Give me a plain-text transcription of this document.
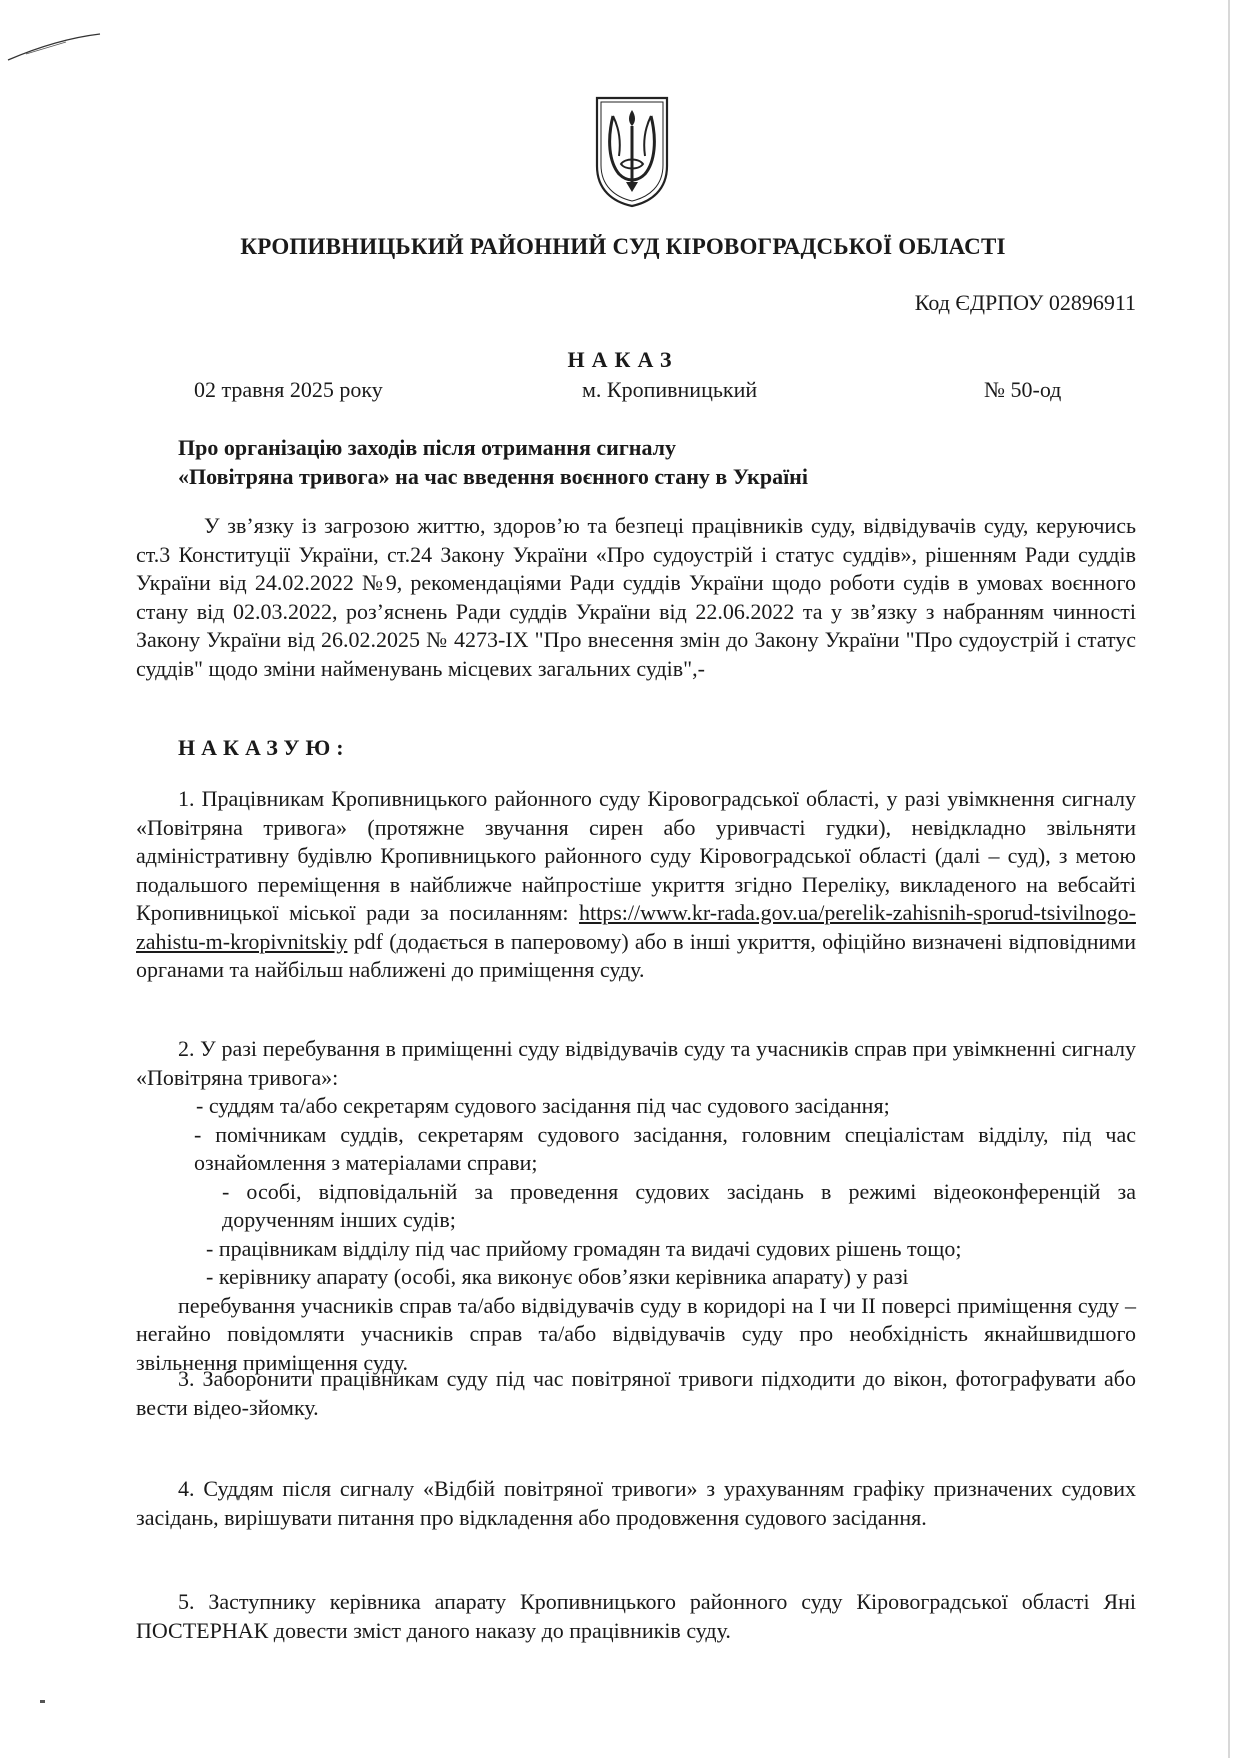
КРОПИВНИЦЬКИЙ РАЙОННИЙ СУД КІРОВОГРАДСЬКОЇ ОБЛАСТІ
Код ЄДРПОУ 02896911
НАКАЗ
02 травня 2025 року	м. Кропивницький	№ 50-од
Про організацію заходів після отримання сигналу
«Повітряна тривога» на час введення воєнного стану в Україні

У зв’язку із загрозою життю, здоров’ю та безпеці працівників суду, відвідувачів суду, керуючись ст.3 Конституції України, ст.24 Закону України «Про судоустрій і статус суддів», рішенням Ради суддів України від 24.02.2022 №9, рекомендаціями Ради суддів України щодо роботи судів в умовах воєнного стану від 02.03.2022, роз’яснень Ради суддів України від 22.06.2022 та у зв’язку з набранням чинності Закону України від 26.02.2025 № 4273-ІХ "Про внесення змін до Закону України "Про судоустрій і статус суддів" щодо зміни найменувань місцевих загальних судів",-

НАКАЗУЮ:

1. Працівникам Кропивницького районного суду Кіровоградської області, у разі увімкнення сигналу «Повітряна тривога» (протяжне звучання сирен або уривчасті гудки), невідкладно звільняти адміністративну будівлю Кропивницького районного суду Кіровоградської області (далі – суд), з метою подальшого переміщення в найближче найпростіше укриття згідно Переліку, викладеного на вебсайті Кропивницької міської ради за посиланням: https://www.kr-rada.gov.ua/perelik-zahisnih-sporud-tsivilnogo-zahistu-m-kropivnitskiy pdf (додається в паперовому) або в інші укриття, офіційно визначені відповідними органами та найбільш наближені до приміщення суду.

2. У разі перебування в приміщенні суду відвідувачів суду та учасників справ при увімкненні сигналу «Повітряна тривога»:

- суддям та/або секретарям судового засідання під час судового засідання;
- помічникам суддів, секретарям судового засідання, головним спеціалістам відділу, під час ознайомлення з матеріалами справи;
- особі, відповідальній за проведення судових засідань в режимі відеоконференцій за дорученням інших судів;
- працівникам відділу під час прийому громадян та видачі судових рішень тощо;
- керівнику апарату (особі, яка виконує обов’язки керівника апарату) у разі

перебування учасників справ та/або відвідувачів суду в коридорі на І чи ІІ поверсі приміщення суду – негайно повідомляти учасників справ та/або відвідувачів суду про необхідність якнайшвидшого звільнення приміщення суду.

3. Заборонити працівникам суду під час повітряної тривоги підходити до вікон, фотографувати або вести відео-зйомку.

4. Суддям після сигналу «Відбій повітряної тривоги» з урахуванням графіку призначених судових засідань, вирішувати питання про відкладення або продовження судового засідання.

5. Заступнику керівника апарату Кропивницького районного суду Кіровоградської області Яні ПОСТЕРНАК довести зміст даного наказу до працівників суду.
